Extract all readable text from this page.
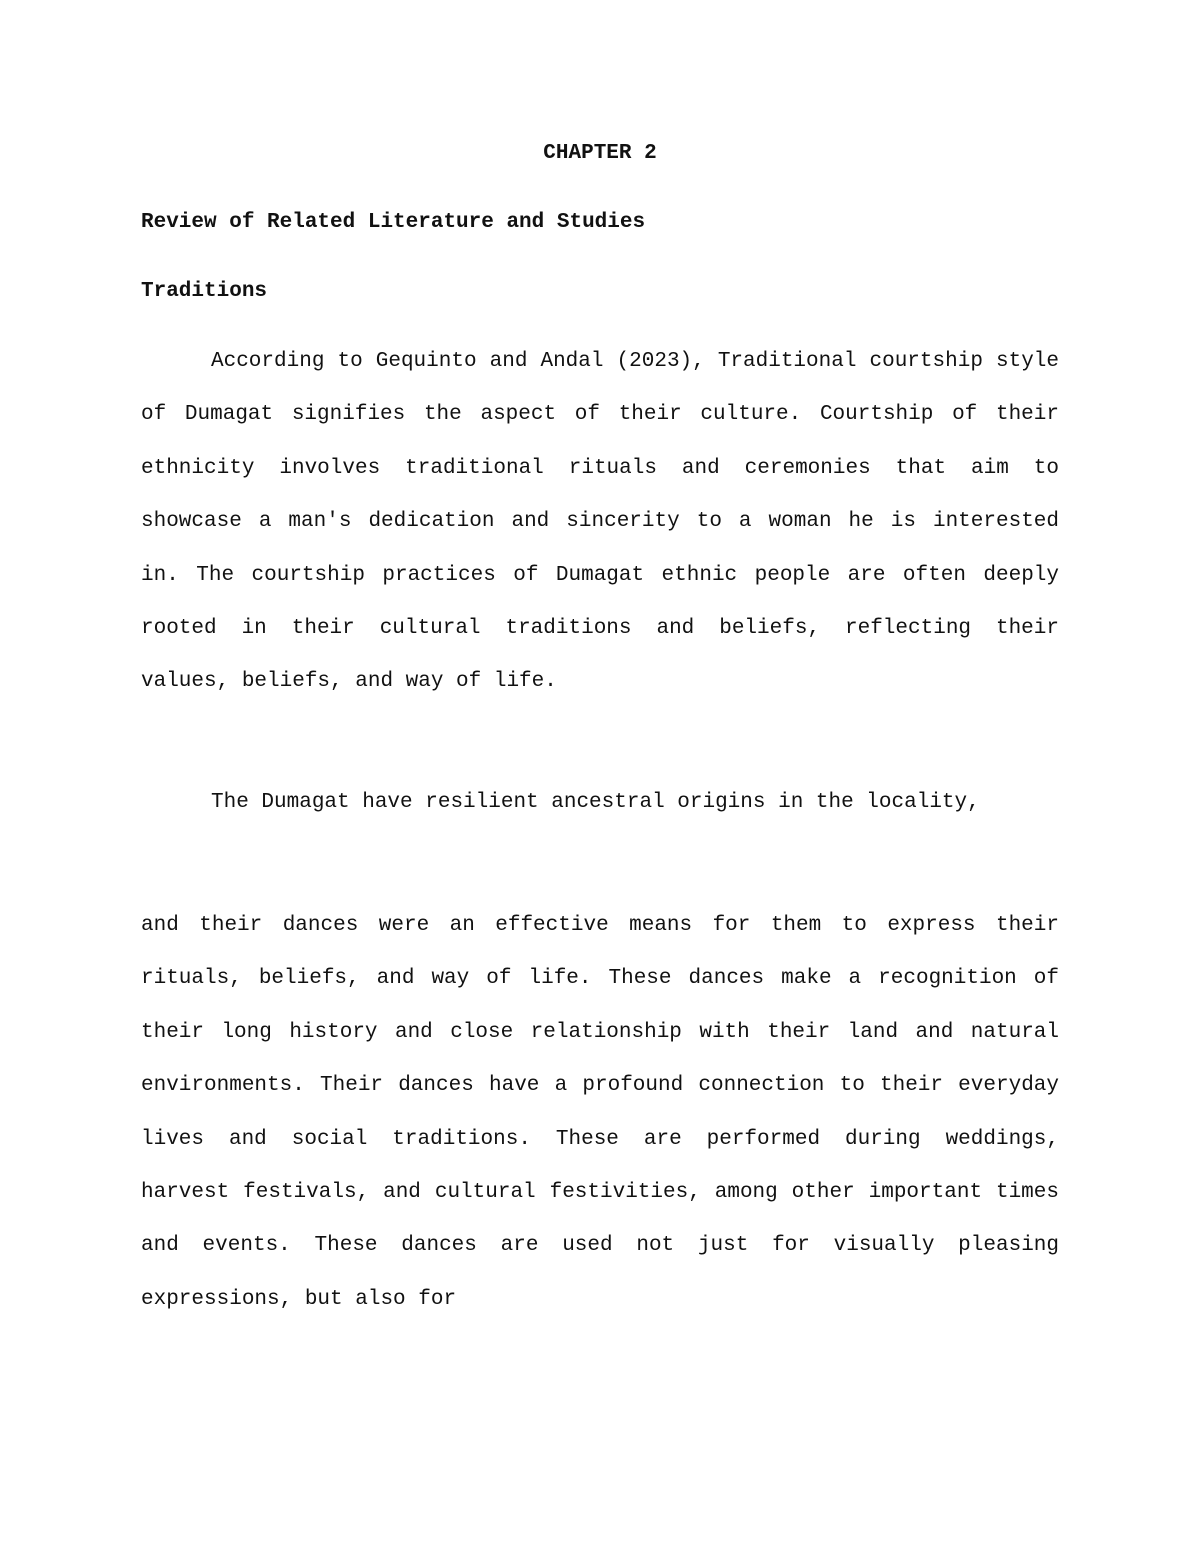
CHAPTER 2
Review of Related Literature and Studies
Traditions

According to Gequinto and Andal (2023), Traditional courtship style of Dumagat signifies the aspect of their culture. Courtship of their ethnicity involves traditional rituals and ceremonies that aim to showcase a man's dedication and sincerity to a woman he is interested in. The courtship practices of Dumagat ethnic people are often deeply rooted in their cultural traditions and beliefs, reflecting their values, beliefs, and way of life.

The Dumagat have resilient ancestral origins in the locality,

and their dances were an effective means for them to express their rituals, beliefs, and way of life. These dances make a recognition of their long history and close relationship with their land and natural environments. Their dances have a profound connection to their everyday lives and social traditions. These are performed during weddings, harvest festivals, and cultural festivities, among other important times and events. These dances are used not just for visually pleasing expressions, but also for
